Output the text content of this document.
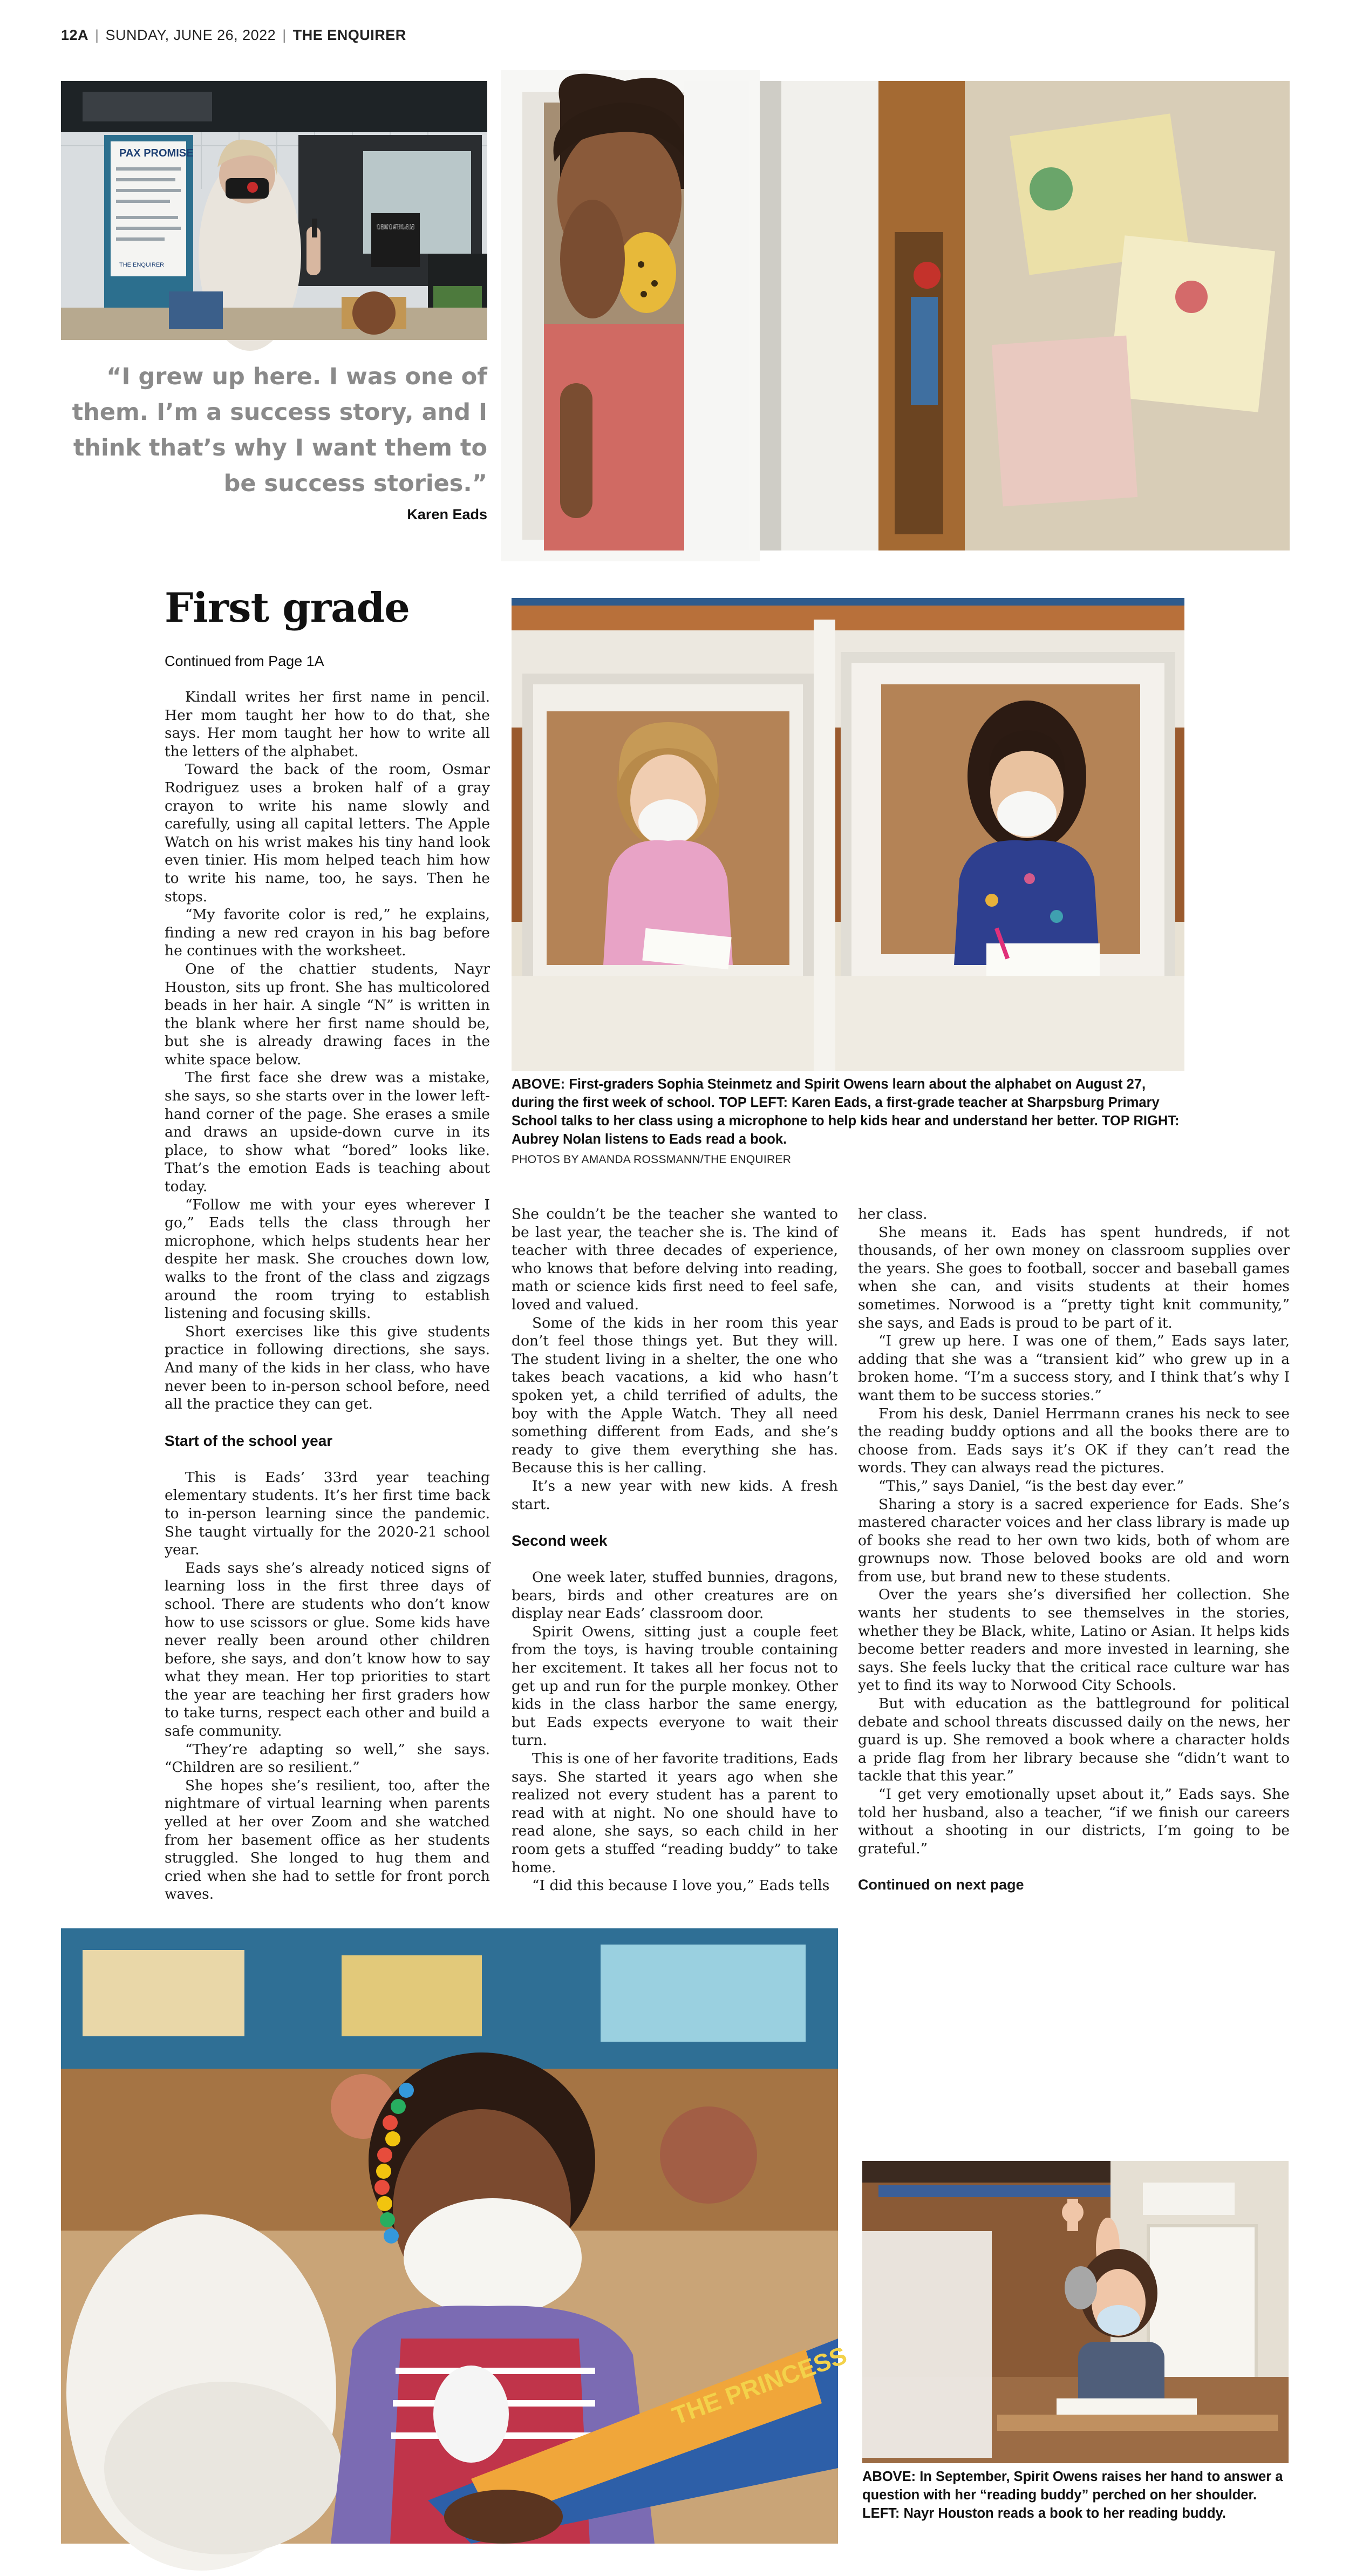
12A | SUNDAY, JUNE 26, 2022 | THE ENQUIRER
PAX PROMISE
THE ENQUIRER
YOU BELONG YOU MATTER YOU ARE LOVED
“I grew up here. I was one of them. I’m a success story, and I think that’s why I want them to be success stories.”
Karen Eads
First grade
Continued from Page 1A
ABOVE: First-graders Sophia Steinmetz and Spirit Owens learn about the alphabet on August 27, during the first week of school. TOP LEFT: Karen Eads, a first-grade teacher at Sharpsburg Primary School talks to her class using a microphone to help kids hear and understand her better. TOP RIGHT: Aubrey Nolan listens to Eads read a book.
PHOTOS BY AMANDA ROSSMANN/THE ENQUIRER

Kindall writes her first name in pencil. Her mom taught her how to do that, she says. Her mom taught her how to write all the letters of the alphabet.

Toward the back of the room, Osmar Rodriguez uses a broken half of a gray crayon to write his name slowly and carefully, using all capital letters. The Apple Watch on his wrist makes his tiny hand look even tinier. His mom helped teach him how to write his name, too, he says. Then he stops.

“My favorite color is red,” he explains, finding a new red crayon in his bag before he continues with the worksheet.

One of the chattier students, Nayr Houston, sits up front. She has multicolored beads in her hair. A single “N” is written in the blank where her first name should be, but she is already drawing faces in the white space below.

The first face she drew was a mistake, she says, so she starts over in the lower left-hand corner of the page. She erases a smile and draws an upside-down curve in its place, to show what “bored” looks like. That’s the emotion Eads is teaching about today.

“Follow me with your eyes wherever I go,” Eads tells the class through her microphone, which helps students hear her despite her mask. She crouches down low, walks to the front of the class and zigzags around the room trying to establish listening and focusing skills.

Short exercises like this give students practice in following directions, she says. And many of the kids in her class, who have never been to in-person school before, need all the practice they can get.

Start of the school year

This is Eads’ 33rd year teaching elementary students. It’s her first time back to in-person learning since the pandemic. She taught virtually for the 2020-21 school year.

Eads says she’s already noticed signs of learning loss in the first three days of school. There are students who don’t know how to use scissors or glue. Some kids have never really been around other children before, she says, and don’t know how to say what they mean. Her top priorities to start the year are teaching her first graders how to take turns, respect each other and build a safe community.

“They’re adapting so well,” she says. “Children are so resilient.”

She hopes she’s resilient, too, after the nightmare of virtual learning when parents yelled at her over Zoom and she watched from her basement office as her students struggled. She longed to hug them and cried when she had to settle for front porch waves.

She couldn’t be the teacher she wanted to be last year, the teacher she is. The kind of teacher with three decades of experience, who knows that before delving into reading, math or science kids first need to feel safe, loved and valued.

Some of the kids in her room this year don’t feel those things yet. But they will. The student living in a shelter, the one who takes beach vacations, a kid who hasn’t spoken yet, a child terrified of adults, the boy with the Apple Watch. They all need something different from Eads, and she’s ready to give them everything she has. Because this is her calling.

It’s a new year with new kids. A fresh start.

Second week

One week later, stuffed bunnies, dragons, bears, birds and other creatures are on display near Eads’ classroom door.

Spirit Owens, sitting just a couple feet from the toys, is having trouble containing her excitement. It takes all her focus not to get up and run for the purple monkey. Other kids in the class harbor the same energy, but Eads expects everyone to wait their turn.

This is one of her favorite traditions, Eads says. She started it years ago when she realized not every student has a parent to read with at night. No one should have to read alone, she says, so each child in her room gets a stuffed “reading buddy” to take home.

“I did this because I love you,” Eads tells

her class.

She means it. Eads has spent hundreds, if not thousands, of her own money on classroom supplies over the years. She goes to football, soccer and baseball games when she can, and visits students at their homes sometimes. Norwood is a “pretty tight knit community,” she says, and Eads is proud to be part of it.

“I grew up here. I was one of them,” Eads says later, adding that she was a “transient kid” who grew up in a broken home. “I’m a success story, and I think that’s why I want them to be success stories.”

From his desk, Daniel Herrmann cranes his neck to see the reading buddy options and all the books there are to choose from. Eads says it’s OK if they can’t read the words. They can always read the pictures.

“This,” says Daniel, “is the best day ever.”

Sharing a story is a sacred experience for Eads. She’s mastered character voices and her class library is made up of books she read to her own two kids, both of whom are grownups now. Those beloved books are old and worn from use, but brand new to these students.

Over the years she’s diversified her collection. She wants her students to see themselves in the stories, whether they be Black, white, Latino or Asian. It helps kids become better readers and more invested in learning, she says. She feels lucky that the critical race culture war has yet to find its way to Norwood City Schools.

But with education as the battleground for political debate and school threats discussed daily on the news, her guard is up. She removed a book where a character holds a pride flag from her library because she “didn’t want to tackle that this year.”

“I get very emotionally upset about it,” Eads says. She told her husband, also a teacher, “if we finish our careers without a shooting in our districts, I’m going to be grateful.”

Continued on next page
THE PRINCESS
ABOVE: In September, Spirit Owens raises her hand to answer a question with her “reading buddy” perched on her shoulder. LEFT: Nayr Houston reads a book to her reading buddy.
